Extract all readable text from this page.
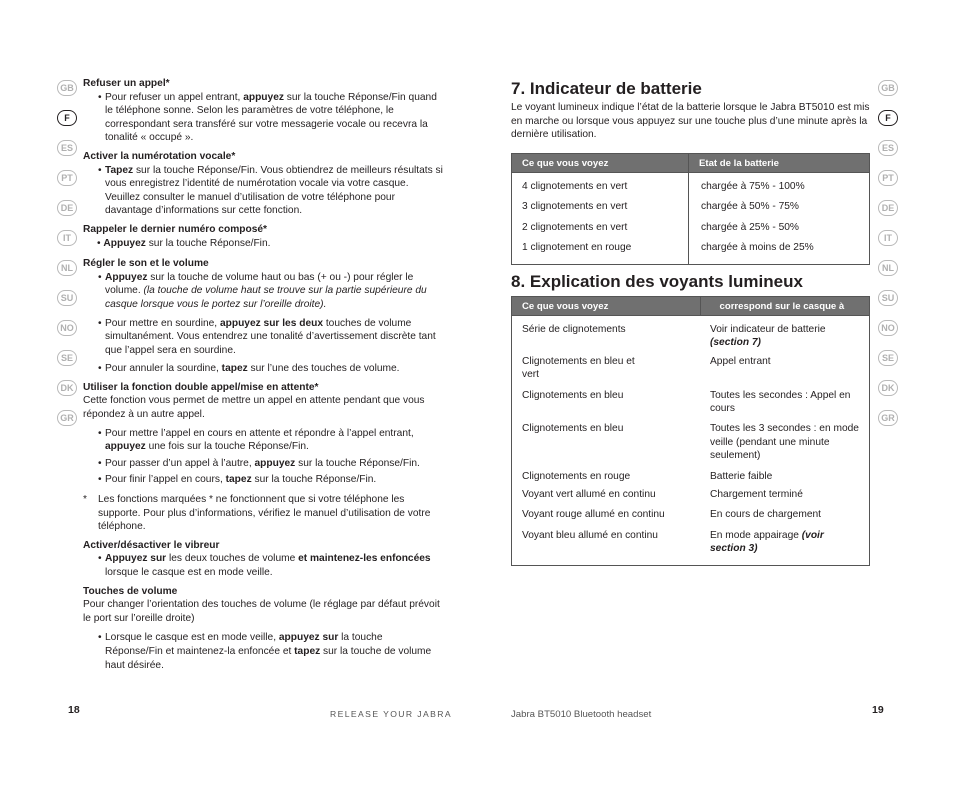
GB
F
ES
PT
DE
IT
NL
SU
NO
SE
DK
GR
GB
F
ES
PT
DE
IT
NL
SU
NO
SE
DK
GR
Refuser un appel*
• Pour refuser un appel entrant, appuyez sur la touche Réponse/Fin quand le téléphone sonne. Selon les paramètres de votre téléphone, le correspondant sera transféré sur votre messagerie vocale ou recevra la tonalité « occupé ».
Activer la numérotation vocale*
• Tapez sur la touche Réponse/Fin. Vous obtiendrez de meilleurs résultats si vous enregistrez l’identité de numérotation vocale via votre casque. Veuillez consulter le manuel d’utilisation de votre téléphone pour davantage d’informations sur cette fonction.
Rappeler le dernier numéro composé*
• Appuyez sur la touche Réponse/Fin.
Régler le son et le volume
• Appuyez sur la touche de volume haut ou bas (+ ou -) pour régler le volume. (la touche de volume haut se trouve sur la partie supérieure du casque lorsque vous le portez sur l’oreille droite).
• Pour mettre en sourdine, appuyez sur les deux touches de volume simultanément. Vous entendrez une tonalité d’avertissement discrète tant que l’appel sera en sourdine.
• Pour annuler la sourdine, tapez sur l’une des touches de volume.
Utiliser la fonction double appel/mise en attente*
Cette fonction vous permet de mettre un appel en attente pendant que vous répondez à un autre appel.
• Pour mettre l’appel en cours en attente et répondre à l’appel entrant, appuyez une fois sur la touche Réponse/Fin.
• Pour passer d’un appel à l’autre, appuyez sur la touche Réponse/Fin.
• Pour finir l’appel en cours, tapez sur la touche Réponse/Fin.
* Les fonctions marquées * ne fonctionnent que si votre téléphone les supporte. Pour plus d’informations, vérifiez le manuel d’utilisation de votre téléphone.
Activer/désactiver le vibreur
• Appuyez sur les deux touches de volume et maintenez-les enfoncées lorsque le casque est en mode veille.
Touches de volume
Pour changer l’orientation des touches de volume (le réglage par défaut prévoit le port sur l’oreille droite)
• Lorsque le casque est en mode veille, appuyez sur la touche Réponse/Fin et maintenez-la enfoncée et tapez sur la touche de volume haut désirée.
7. Indicateur de batterie
Le voyant lumineux indique l’état de la batterie lorsque le Jabra BT5010 est mis en marche ou lorsque vous appuyez sur une touche plus d’une minute après la dernière utilisation.
Ce que vous voyez	Etat de la batterie
4 clignotements en vert	chargée à 75% - 100%
3 clignotements en vert	chargée à 50% - 75%
2 clignotements en vert	chargée à 25% - 50%
1 clignotement en rouge	chargée à moins de 25%
8. Explication des voyants lumineux
Ce que vous voyez	correspond sur le casque à
Série de clignotements	Voir indicateur de batterie (section 7)
Clignotements en bleu et vert	Appel entrant
Clignotements en bleu	Toutes les secondes : Appel en cours
Clignotements en bleu	Toutes les 3 secondes : en mode veille (pendant une minute seulement)
Clignotements en rouge	Batterie faible
Voyant vert allumé en continu	Chargement terminé
Voyant rouge allumé en continu	En cours de chargement
Voyant bleu allumé en continu	En mode appairage (voir section 3)
18	RELEASE YOUR JABRA	Jabra BT5010 Bluetooth headset	19
